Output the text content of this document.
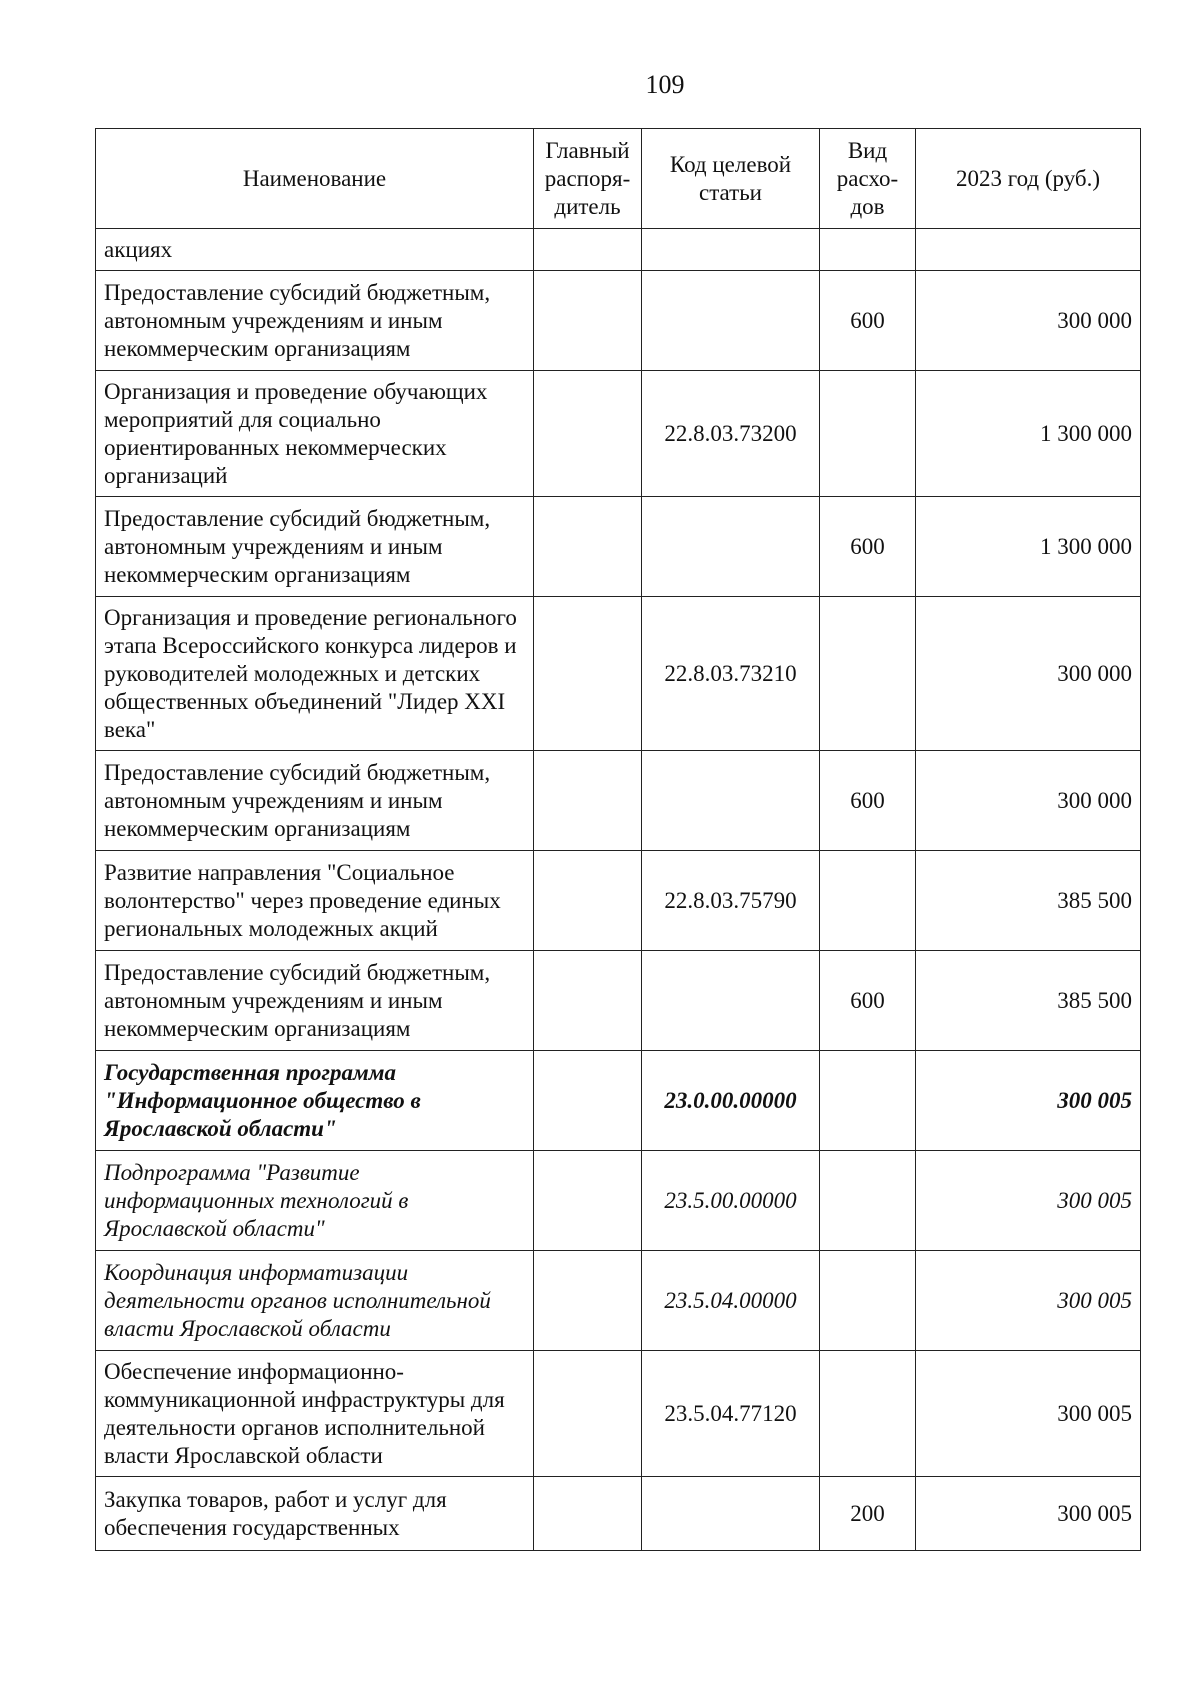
109
Наименование	Главный распоря-дитель	Код целевой статьи	Вид расхо-дов	2023 год (руб.)
акциях				
Предоставление субсидий бюджетным, автономным учреждениям и иным некоммерческим организациям			600	300 000
Организация и проведение обучающих мероприятий для социально ориентированных некоммерческих организаций		22.8.03.73200		1 300 000
Предоставление субсидий бюджетным, автономным учреждениям и иным некоммерческим организациям			600	1 300 000
Организация и проведение регионального этапа Всероссийского конкурса лидеров и руководителей молодежных и детских общественных объединений "Лидер XXI века"		22.8.03.73210		300 000
Предоставление субсидий бюджетным, автономным учреждениям и иным некоммерческим организациям			600	300 000
Развитие направления "Социальное волонтерство" через проведение единых региональных молодежных акций		22.8.03.75790		385 500
Предоставление субсидий бюджетным, автономным учреждениям и иным некоммерческим организациям			600	385 500
Государственная программа "Информационное общество в Ярославской области"		23.0.00.00000		300 005
Подпрограмма "Развитие информационных технологий в Ярославской области"		23.5.00.00000		300 005
Координация информатизации деятельности органов исполнительной власти Ярославской области		23.5.04.00000		300 005
Обеспечение информационно-коммуникационной инфраструктуры для деятельности органов исполнительной власти Ярославской области		23.5.04.77120		300 005
Закупка товаров, работ и услуг для обеспечения государственных			200	300 005
